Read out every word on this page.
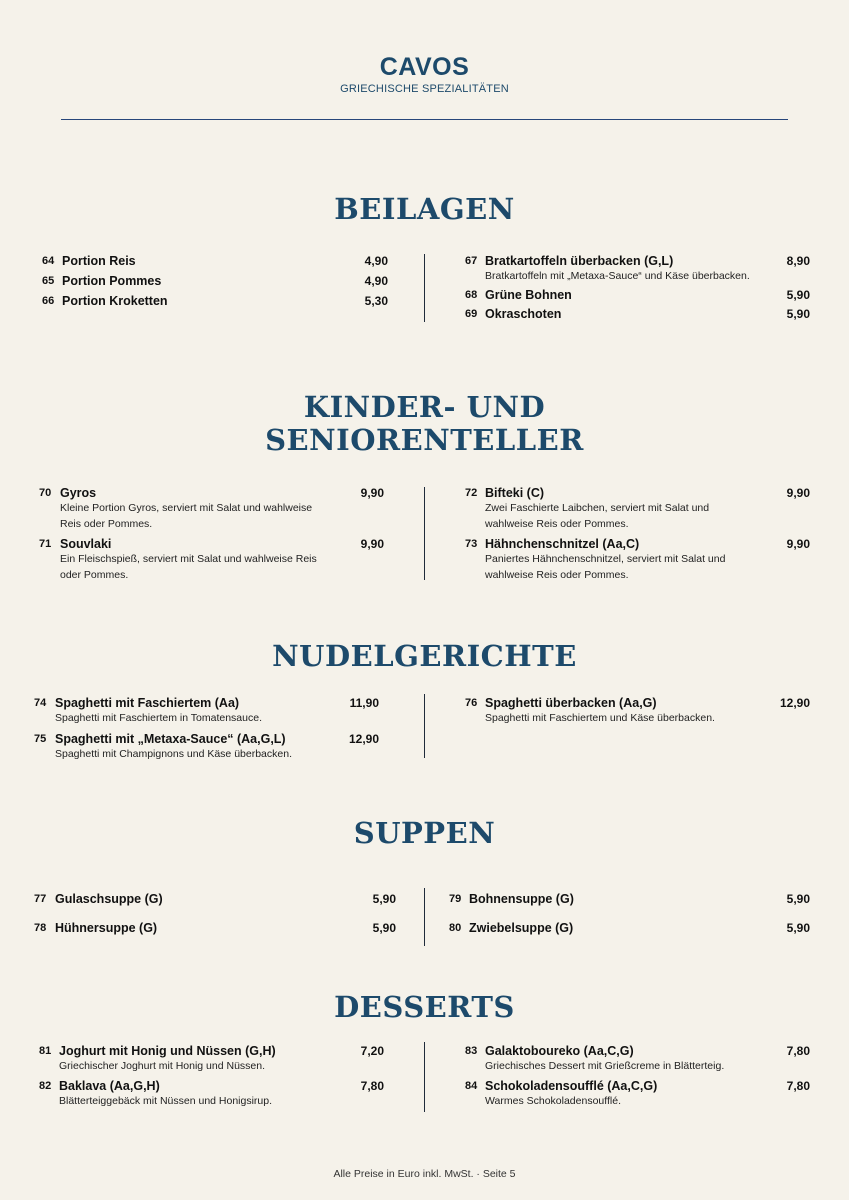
CAVOS
GRIECHISCHE SPEZIALITÄTEN
BEILAGEN
64 Portion Reis	4,90
65 Portion Pommes	4,90
66 Portion Kroketten	5,30
67 Bratkartoffeln überbacken (G,L)	8,90
Bratkartoffeln mit „Metaxa-Sauce“ und Käse überbacken.
68 Grüne Bohnen	5,90
69 Okraschoten	5,90
KINDER- UND
SENIORENTELLER
70 Gyros	9,90
Kleine Portion Gyros, serviert mit Salat und wahlweise
Reis oder Pommes.
71 Souvlaki	9,90
Ein Fleischspieß, serviert mit Salat und wahlweise Reis
oder Pommes.
72 Bifteki (C)	9,90
Zwei Faschierte Laibchen, serviert mit Salat und
wahlweise Reis oder Pommes.
73 Hähnchenschnitzel (Aa,C)	9,90
Paniertes Hähnchenschnitzel, serviert mit Salat und
wahlweise Reis oder Pommes.
NUDELGERICHTE
74 Spaghetti mit Faschiertem (Aa)	11,90
Spaghetti mit Faschiertem in Tomatensauce.
75 Spaghetti mit „Metaxa-Sauce“ (Aa,G,L)	12,90
Spaghetti mit Champignons und Käse überbacken.
76 Spaghetti überbacken (Aa,G)	12,90
Spaghetti mit Faschiertem und Käse überbacken.
SUPPEN
77 Gulaschsuppe (G)	5,90
78 Hühnersuppe (G)	5,90
79 Bohnensuppe (G)	5,90
80 Zwiebelsuppe (G)	5,90
DESSERTS
81 Joghurt mit Honig und Nüssen (G,H)	7,20
Griechischer Joghurt mit Honig und Nüssen.
82 Baklava (Aa,G,H)	7,80
Blätterteiggebäck mit Nüssen und Honigsirup.
83 Galaktoboureko (Aa,C,G)	7,80
Griechisches Dessert mit Grießcreme in Blätterteig.
84 Schokoladensoufflé (Aa,C,G)	7,80
Warmes Schokoladensoufflé.
Alle Preise in Euro inkl. MwSt. · Seite 5
